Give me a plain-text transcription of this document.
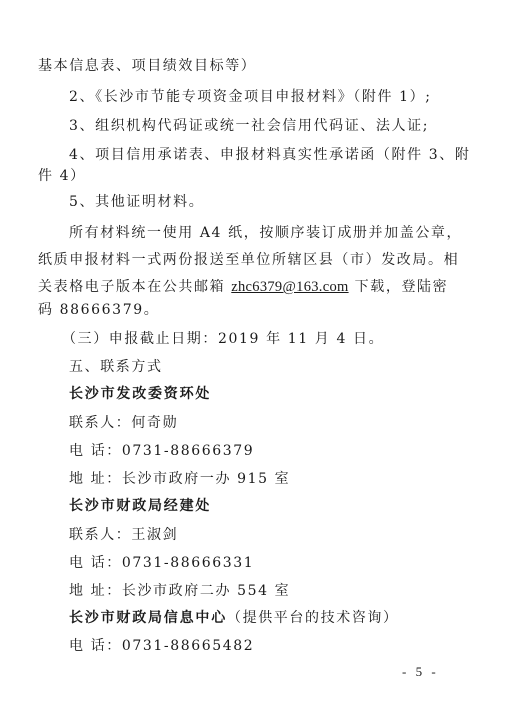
基本信息表、项目绩效目标等）
2、《长沙市节能专项资金项目申报材料》（附件 1）;
3、组织机构代码证或统一社会信用代码证、法人证;
4、项目信用承诺表、申报材料真实性承诺函（附件 3、附
件 4）
5、其他证明材料。
所有材料统一使用 A4 纸，按顺序装订成册并加盖公章，
纸质申报材料一式两份报送至单位所辖区县（市）发改局。相
关表格电子版本在公共邮箱 zhc6379@163.com 下载，登陆密
码 88666379。
（三）申报截止日期：2019 年 11 月 4 日。
五、联系方式
长沙市发改委资环处
联系人：何奇勋
电 话：0731-88666379
地 址：长沙市政府一办 915 室
长沙市财政局经建处
联系人：王淑剑
电 话：0731-88666331
地 址：长沙市政府二办 554 室
长沙市财政局信息中心（提供平台的技术咨询）
电 话：0731-88665482
- 5 -
